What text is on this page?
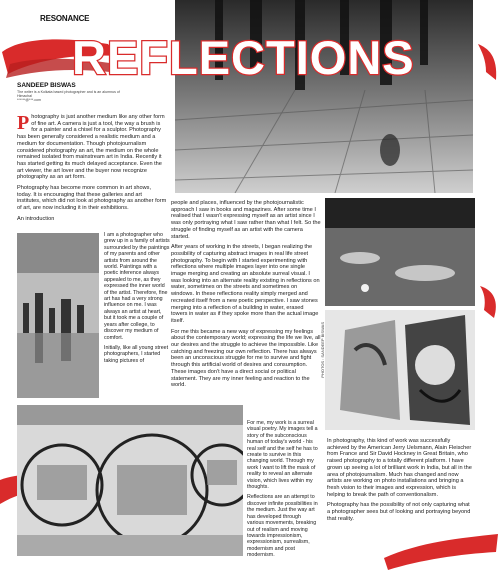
RESONANCE
REFLECTIONS
SANDEEP BISWAS
The writer is a Kolkata based photographer and is an alumnus of Himachal
******@***.com

Photography is just another medium like any other form of fine art. A camera is just a tool, the way a brush is for a painter and a chisel for a sculptor. Photography has been generally considered a realistic medium and a medium for documentation. Though photojournalism considered photography an art, the medium on the whole remained isolated from mainstream art in India. Recently it has started getting its much delayed acceptance. Even the art viewer, the art lover and the buyer now recognize photography as an art form.

Photography has become more common in art shows, today. It is encouraging that these galleries and art institutes, which did not look at photography as another form of art, are now including it in their exhibitions.

An introduction

I am a photographer who grew up in a family of artists surrounded by the paintings of my parents and other artists from around the world. Paintings with a poetic inference always appealed to me, as they expressed the inner world of the artist. Therefore, fine art has had a very strong influence on me. I was always an artist at heart, but it took me a couple of years after college, to discover my medium of comfort.

Initially, like all young street photographers, I started taking pictures of

people and places, influenced by the photojournalistic approach I saw in books and magazines. After some time I realised that I wasn't expressing myself as an artist since I was only portraying what I saw rather than what I felt. So the struggle of finding myself as an artist with the camera started.

After years of working in the streets, I began realizing the possibility of capturing abstract images in real life street photography. To begin with I started experimenting with reflections where multiple images layer into one single image merging and creating an absolute surreal visual. I was looking into an alternate reality existing in reflections on water, sometimes on the streets and sometimes on windows. In these reflections reality simply merged and recreated itself from a new poetic perspective. I saw stones merging into a reflection of a building in water, erased towers in water as if they spoke more than the actual image itself.

For me this became a new way of expressing my feelings about the contemporary world; expressing the life we live, all our desires and the struggle to achieve the impossible. Like catching and freezing our own reflection. There has always been an unconscious struggle for me to survive and fight through this artificial world of desires and consumption. These images don't have a direct social or political statement. They are my inner feeling and reaction to the world.

PHOTOS : SANDEEP BISWAS

For me, my work is a surreal visual poetry. My images tell a story of the subconscious human of today's world - his real self and the self he has to create to survive in this changing world. Through my work I want to lift the mask of reality to reveal an alternate vision, which lives within my thoughts.

Reflections are an attempt to discover infinite possibilities in the medium. Just the way art has developed through various movements, breaking out of realism and moving towards impressionism, expressionism, surrealism, modernism and post modernism.

In photography, this kind of work was successfully achieved by the American Jerry Uelsmann, Alain Fleischer from France and Sir David Hockney in Great Britain, who raised photography to a totally different platform. I have grown up seeing a lot of brilliant work in India, but all in the area of photojournalism. Much has changed and now artists are working on photo installations and bringing a fresh vision to their images and expression, which is helping to break the path of conventionalism.

Photography has the possibility of not only capturing what a photographer sees but of looking and portraying beyond that reality.
